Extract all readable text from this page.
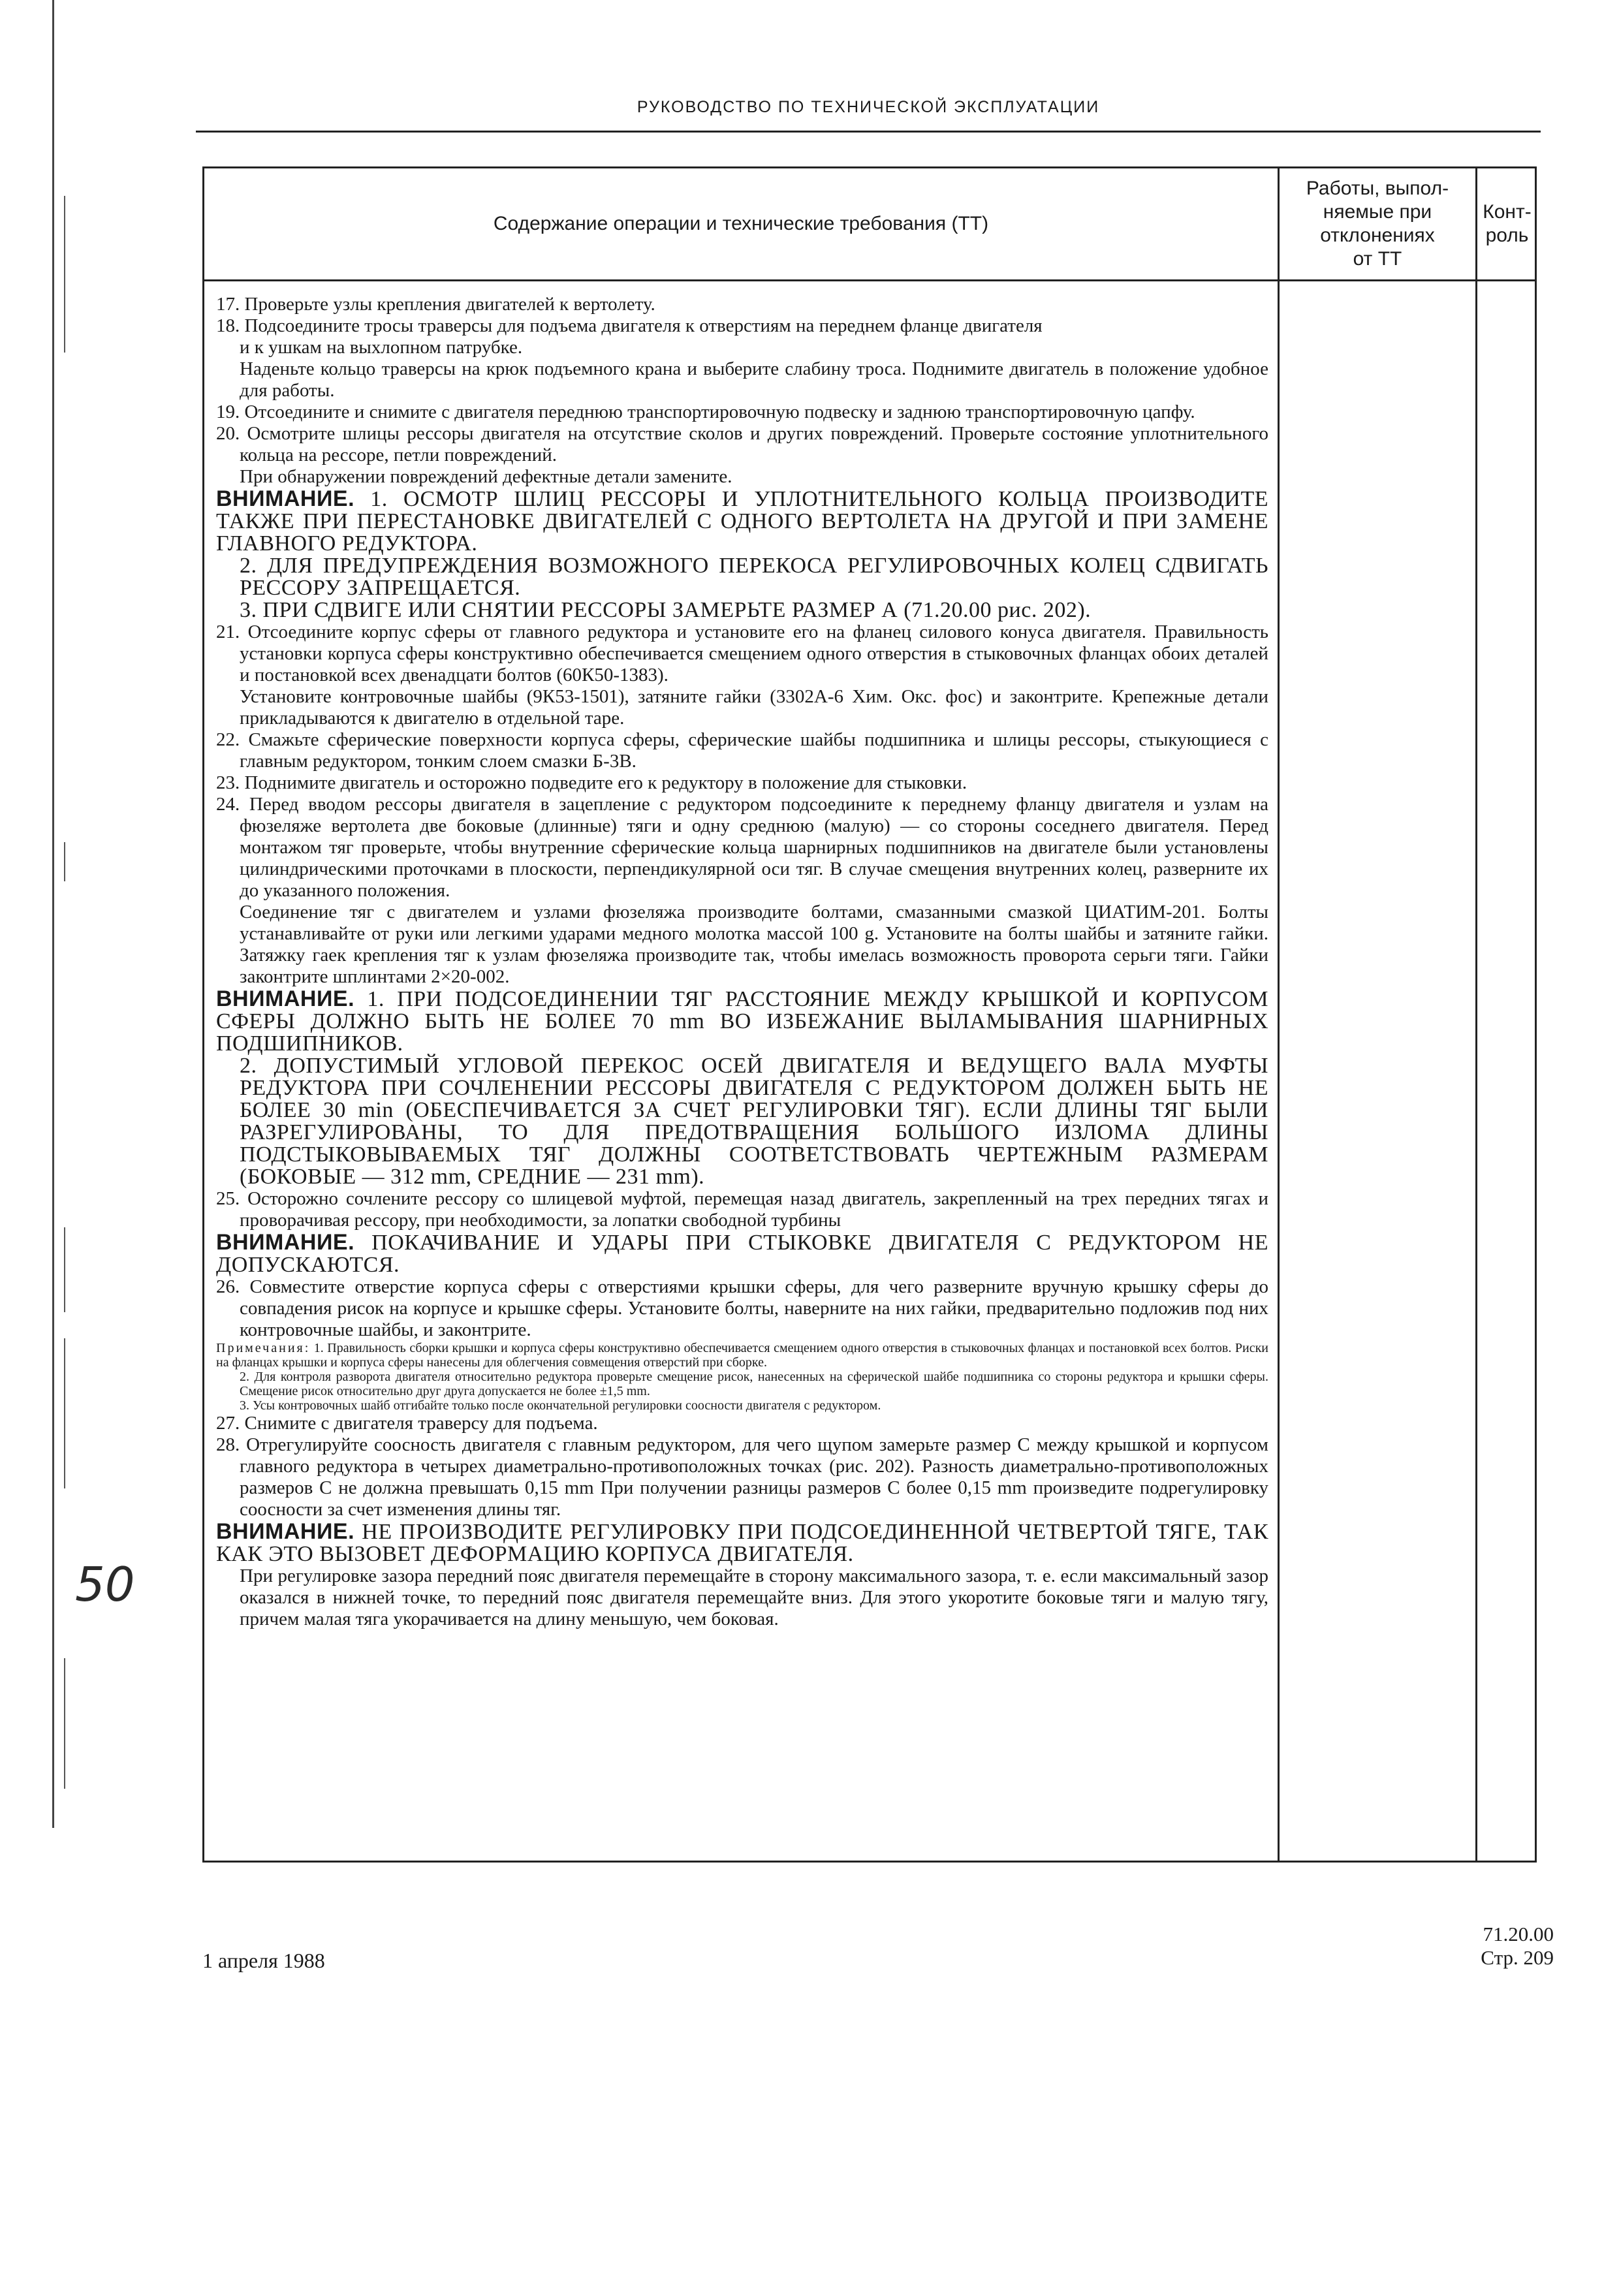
РУКОВОДСТВО ПО ТЕХНИЧЕСКОЙ ЭКСПЛУАТАЦИИ
Содержание операции и технические требования (ТТ)
Работы, выпол-
няемые при
отклонениях
от ТТ
Конт-
роль
17. Проверьте узлы крепления двигателей к вертолету.
18. Подсоедините тросы траверсы для подъема двигателя к отверстиям на переднем фланце двигателя
и к ушкам на выхлопном патрубке.
Наденьте кольцо траверсы на крюк подъемного крана и выберите слабину троса. Поднимите двигатель в положение удобное для работы.
19. Отсоедините и снимите с двигателя переднюю транспортировочную подвеску и заднюю транспортировочную цапфу.
20. Осмотрите шлицы рессоры двигателя на отсутствие сколов и других повреждений. Проверьте состояние уплотнительного кольца на рессоре, петли повреждений.
При обнаружении повреждений дефектные детали замените.
ВНИМАНИЕ. 1. ОСМОТР ШЛИЦ РЕССОРЫ И УПЛОТНИТЕЛЬНОГО КОЛЬЦА ПРОИЗВОДИТЕ ТАКЖЕ ПРИ ПЕРЕСТАНОВКЕ ДВИГАТЕЛЕЙ С ОДНОГО ВЕРТОЛЕТА НА ДРУГОЙ И ПРИ ЗАМЕНЕ ГЛАВНОГО РЕДУКТОРА.
2. ДЛЯ ПРЕДУПРЕЖДЕНИЯ ВОЗМОЖНОГО ПЕРЕКОСА РЕГУЛИРОВОЧНЫХ КОЛЕЦ СДВИГАТЬ РЕССОРУ ЗАПРЕЩАЕТСЯ.
3. ПРИ СДВИГЕ ИЛИ СНЯТИИ РЕССОРЫ ЗАМЕРЬТЕ РАЗМЕР А (71.20.00 рис. 202).
21. Отсоедините корпус сферы от главного редуктора и установите его на фланец силового конуса двигателя. Правильность установки корпуса сферы конструктивно обеспечивается смещением одного отверстия в стыковочных фланцах обоих деталей и постановкой всех двенадцати болтов (60К50-1383).
Установите контровочные шайбы (9К53-1501), затяните гайки (3302А-6 Хим. Окс. фос) и законтрите. Крепежные детали прикладываются к двигателю в отдельной таре.
22. Смажьте сферические поверхности корпуса сферы, сферические шайбы подшипника и шлицы рессоры, стыкующиеся с главным редуктором, тонким слоем смазки Б-3В.
23. Поднимите двигатель и осторожно подведите его к редуктору в положение для стыковки.
24. Перед вводом рессоры двигателя в зацепление с редуктором подсоедините к переднему фланцу двигателя и узлам на фюзеляже вертолета две боковые (длинные) тяги и одну среднюю (малую) — со стороны соседнего двигателя. Перед монтажом тяг проверьте, чтобы внутренние сферические кольца шарнирных подшипников на двигателе были установлены цилиндрическими проточками в плоскости, перпендикулярной оси тяг. В случае смещения внутренних колец, разверните их до указанного положения.
Соединение тяг с двигателем и узлами фюзеляжа производите болтами, смазанными смазкой ЦИАТИМ-201. Болты устанавливайте от руки или легкими ударами медного молотка массой 100 g. Установите на болты шайбы и затяните гайки. Затяжку гаек крепления тяг к узлам фюзеляжа производите так, чтобы имелась возможность проворота серьги тяги. Гайки законтрите шплинтами 2×20-002.
ВНИМАНИЕ. 1. ПРИ ПОДСОЕДИНЕНИИ ТЯГ РАССТОЯНИЕ МЕЖДУ КРЫШКОЙ И КОРПУСОМ СФЕРЫ ДОЛЖНО БЫТЬ НЕ БОЛЕЕ 70 mm ВО ИЗБЕЖАНИЕ ВЫЛАМЫВАНИЯ ШАРНИРНЫХ ПОДШИПНИКОВ.
2. ДОПУСТИМЫЙ УГЛОВОЙ ПЕРЕКОС ОСЕЙ ДВИГАТЕЛЯ И ВЕДУЩЕГО ВАЛА МУФТЫ РЕДУКТОРА ПРИ СОЧЛЕНЕНИИ РЕССОРЫ ДВИГАТЕЛЯ С РЕДУКТОРОМ ДОЛЖЕН БЫТЬ НЕ БОЛЕЕ 30 min (ОБЕСПЕЧИВАЕТСЯ ЗА СЧЕТ РЕГУЛИРОВКИ ТЯГ). ЕСЛИ ДЛИНЫ ТЯГ БЫЛИ РАЗРЕГУЛИРОВАНЫ, ТО ДЛЯ ПРЕДОТВРАЩЕНИЯ БОЛЬШОГО ИЗЛОМА ДЛИНЫ ПОДСТЫКОВЫВАЕМЫХ ТЯГ ДОЛЖНЫ СООТВЕТСТВОВАТЬ ЧЕРТЕЖНЫМ РАЗМЕРАМ (БОКОВЫЕ — 312 mm, СРЕДНИЕ — 231 mm).
25. Осторожно сочлените рессору со шлицевой муфтой, перемещая назад двигатель, закрепленный на трех передних тягах и проворачивая рессору, при необходимости, за лопатки свободной турбины
ВНИМАНИЕ. ПОКАЧИВАНИЕ И УДАРЫ ПРИ СТЫКОВКЕ ДВИГАТЕЛЯ С РЕДУКТОРОМ НЕ ДОПУСКАЮТСЯ.
26. Совместите отверстие корпуса сферы с отверстиями крышки сферы, для чего разверните вручную крышку сферы до совпадения рисок на корпусе и крышке сферы. Установите болты, наверните на них гайки, предварительно подложив под них контровочные шайбы, и законтрите.
Примечания: 1. Правильность сборки крышки и корпуса сферы конструктивно обеспечивается смещением одного отверстия в стыковочных фланцах и постановкой всех болтов. Риски на фланцах крышки и корпуса сферы нанесены для облегчения совмещения отверстий при сборке.
2. Для контроля разворота двигателя относительно редуктора проверьте смещение рисок, нанесенных на сферической шайбе подшипника со стороны редуктора и крышки сферы. Смещение рисок относительно друг друга допускается не более ±1,5 mm.
3. Усы контровочных шайб отгибайте только после окончательной регулировки соосности двигателя с редуктором.
27. Снимите с двигателя траверсу для подъема.
28. Отрегулируйте соосность двигателя с главным редуктором, для чего щупом замерьте размер С между крышкой и корпусом главного редуктора в четырех диаметрально-противоположных точках (рис. 202). Разность диаметрально-противоположных размеров С не должна превышать 0,15 mm При получении разницы размеров С более 0,15 mm произведите подрегулировку соосности за счет изменения длины тяг.
ВНИМАНИЕ. НЕ ПРОИЗВОДИТЕ РЕГУЛИРОВКУ ПРИ ПОДСОЕДИНЕННОЙ ЧЕТВЕРТОЙ ТЯГЕ, ТАК КАК ЭТО ВЫЗОВЕТ ДЕФОРМАЦИЮ КОРПУСА ДВИГАТЕЛЯ.
При регулировке зазора передний пояс двигателя перемещайте в сторону максимального зазора, т. е. если максимальный зазор оказался в нижней точке, то передний пояс двигателя перемещайте вниз. Для этого укоротите боковые тяги и малую тягу, причем малая тяга укорачивается на длину меньшую, чем боковая.
50
1 апреля 1988
71.20.00
Стр. 209
